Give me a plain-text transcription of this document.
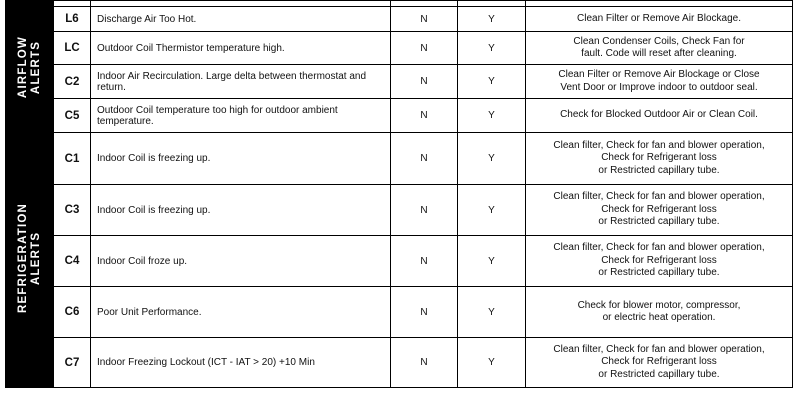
AIRFLOW
ALERTS	L6	Discharge Air Too Hot.	N	Y	Clean Filter or Remove Air Blockage.

	LC	Outdoor Coil Thermistor temperature high.	N	Y	Clean Condenser Coils, Check Fan for
fault. Code will reset after cleaning.

	C2	Indoor Air Recirculation. Large delta between thermostat and return.	N	Y	Clean Filter or Remove Air Blockage or Close
Vent Door or Improve indoor to outdoor seal.

	C5	Outdoor Coil temperature too high for outdoor ambient temperature.	N	Y	Check for Blocked Outdoor Air or Clean Coil.

REFRIGERATION
ALERTS	C1	Indoor Coil is freezing up.	N	Y	Clean filter, Check for fan and blower operation,
Check for Refrigerant loss
or Restricted capillary tube.

	C3	Indoor Coil is freezing up.	N	Y	Clean filter, Check for fan and blower operation,
Check for Refrigerant loss
or Restricted capillary tube.

	C4	Indoor Coil froze up.	N	Y	Clean filter, Check for fan and blower operation,
Check for Refrigerant loss
or Restricted capillary tube.

	C6	Poor Unit Performance.	N	Y	Check for blower motor, compressor,
or electric heat operation.

	C7	Indoor Freezing Lockout (ICT - IAT > 20) +10 Min	N	Y	Clean filter, Check for fan and blower operation,
Check for Refrigerant loss
or Restricted capillary tube.
